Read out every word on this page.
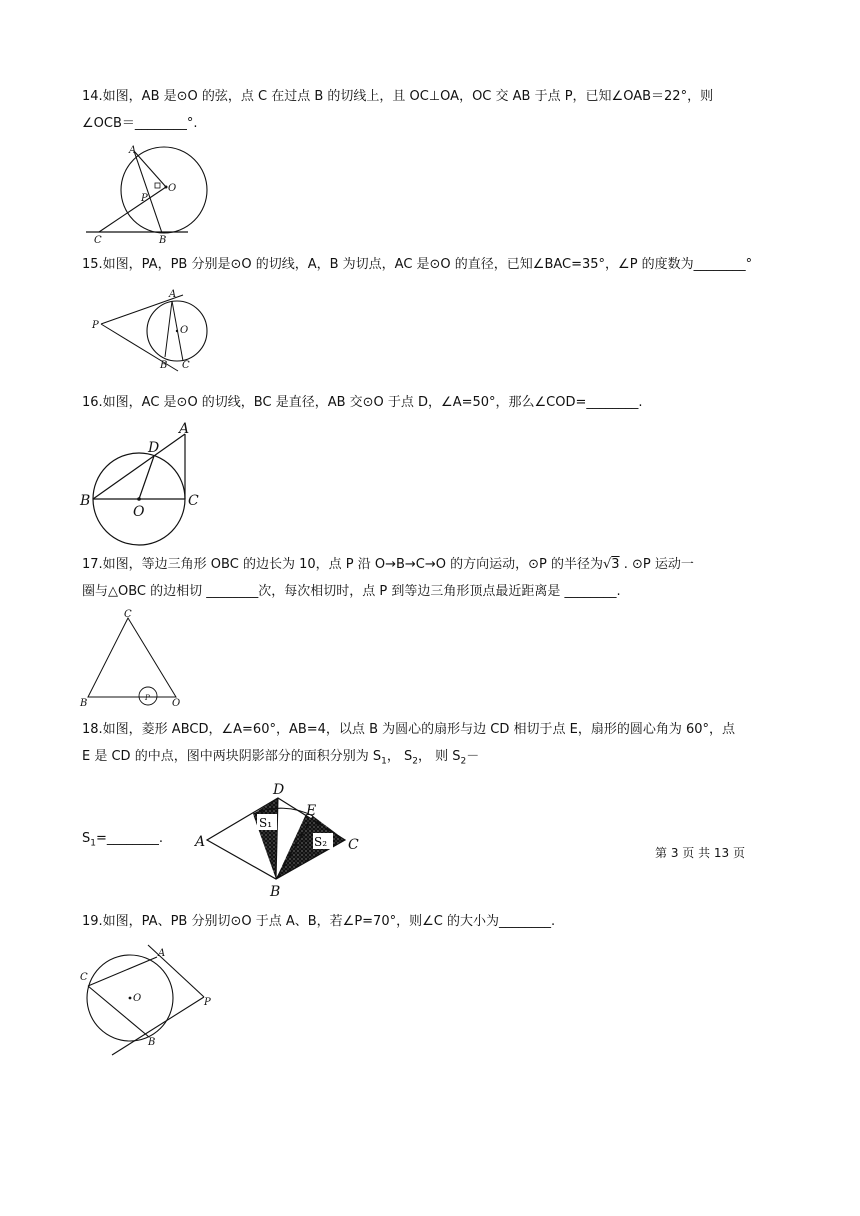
14.如图，AB 是⊙O 的弦，点 C 在过点 B 的切线上，且 OC⊥OA，OC 交 AB 于点 P，已知∠OAB＝22°，则
∠OCB＝________°.
A
O
P
C	B
15.如图，PA，PB 分别是⊙O 的切线，A，B 为切点，AC 是⊙O 的直径，已知∠BAC=35°，∠P 的度数为________°
A
P	O
B C
16.如图，AC 是⊙O 的切线，BC 是直径，AB 交⊙O 于点 D，∠A=50°，那么∠COD=________.
A
D
B
O
C
17.如图，等边三角形 OBC 的边长为 10，点 P 沿 O→B→C→O 的方向运动，⊙P 的半径为√3 . ⊙P 运动一
圈与△OBC 的边相切 ________次，每次相切时，点 P 到等边三角形顶点最近距离是 ________.
C
B	P O
18.如图，菱形 ABCD，∠A=60°，AB=4，以点 B 为圆心的扇形与边 CD 相切于点 E，扇形的圆心角为 60°，点
E 是 CD 的中点，图中两块阴影部分的面积分别为 $S_1$， $S_2$， 则 $S_2-$
$S_1=\_\_\_\_\_\_\_\_$.
S₁
S₂
D
E
A	C
B
19.如图，PA、PB 分别切⊙O 于点 A、B，若∠P=70°，则∠C 的大小为________.
A
C
O	P
B
第 3 页 共 13 页
